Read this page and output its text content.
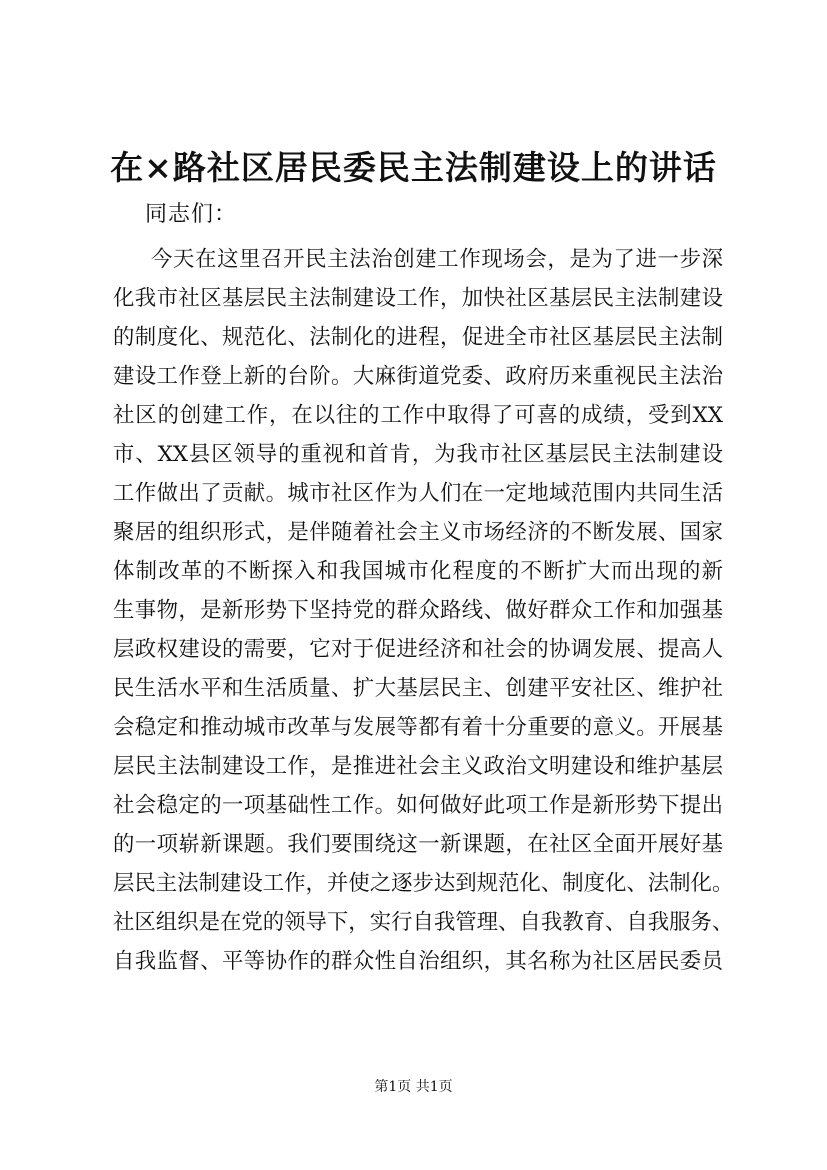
在×路社区居民委民主法制建设上的讲话
同志们：
今天在这里召开民主法治创建工作现场会，是为了进一步深
化我市社区基层民主法制建设工作，加快社区基层民主法制建设
的制度化、规范化、法制化的进程，促进全市社区基层民主法制
建设工作登上新的台阶。大麻街道党委、政府历来重视民主法治
社区的创建工作，在以往的工作中取得了可喜的成绩，受到XX
市、XX县区领导的重视和首肯，为我市社区基层民主法制建设
工作做出了贡献。城市社区作为人们在一定地域范围内共同生活
聚居的组织形式，是伴随着社会主义市场经济的不断发展、国家
体制改革的不断探入和我国城市化程度的不断扩大而出现的新
生事物，是新形势下坚持党的群众路线、做好群众工作和加强基
层政权建设的需要，它对于促进经济和社会的协调发展、提高人
民生活水平和生活质量、扩大基层民主、创建平安社区、维护社
会稳定和推动城市改革与发展等都有着十分重要的意义。开展基
层民主法制建设工作，是推进社会主义政治文明建设和维护基层
社会稳定的一项基础性工作。如何做好此项工作是新形势下提出
的一项崭新课题。我们要围绕这一新课题，在社区全面开展好基
层民主法制建设工作，并使之逐步达到规范化、制度化、法制化。
社区组织是在党的领导下，实行自我管理、自我教育、自我服务、
自我监督、平等协作的群众性自治组织，其名称为社区居民委员
第1页 共1页
